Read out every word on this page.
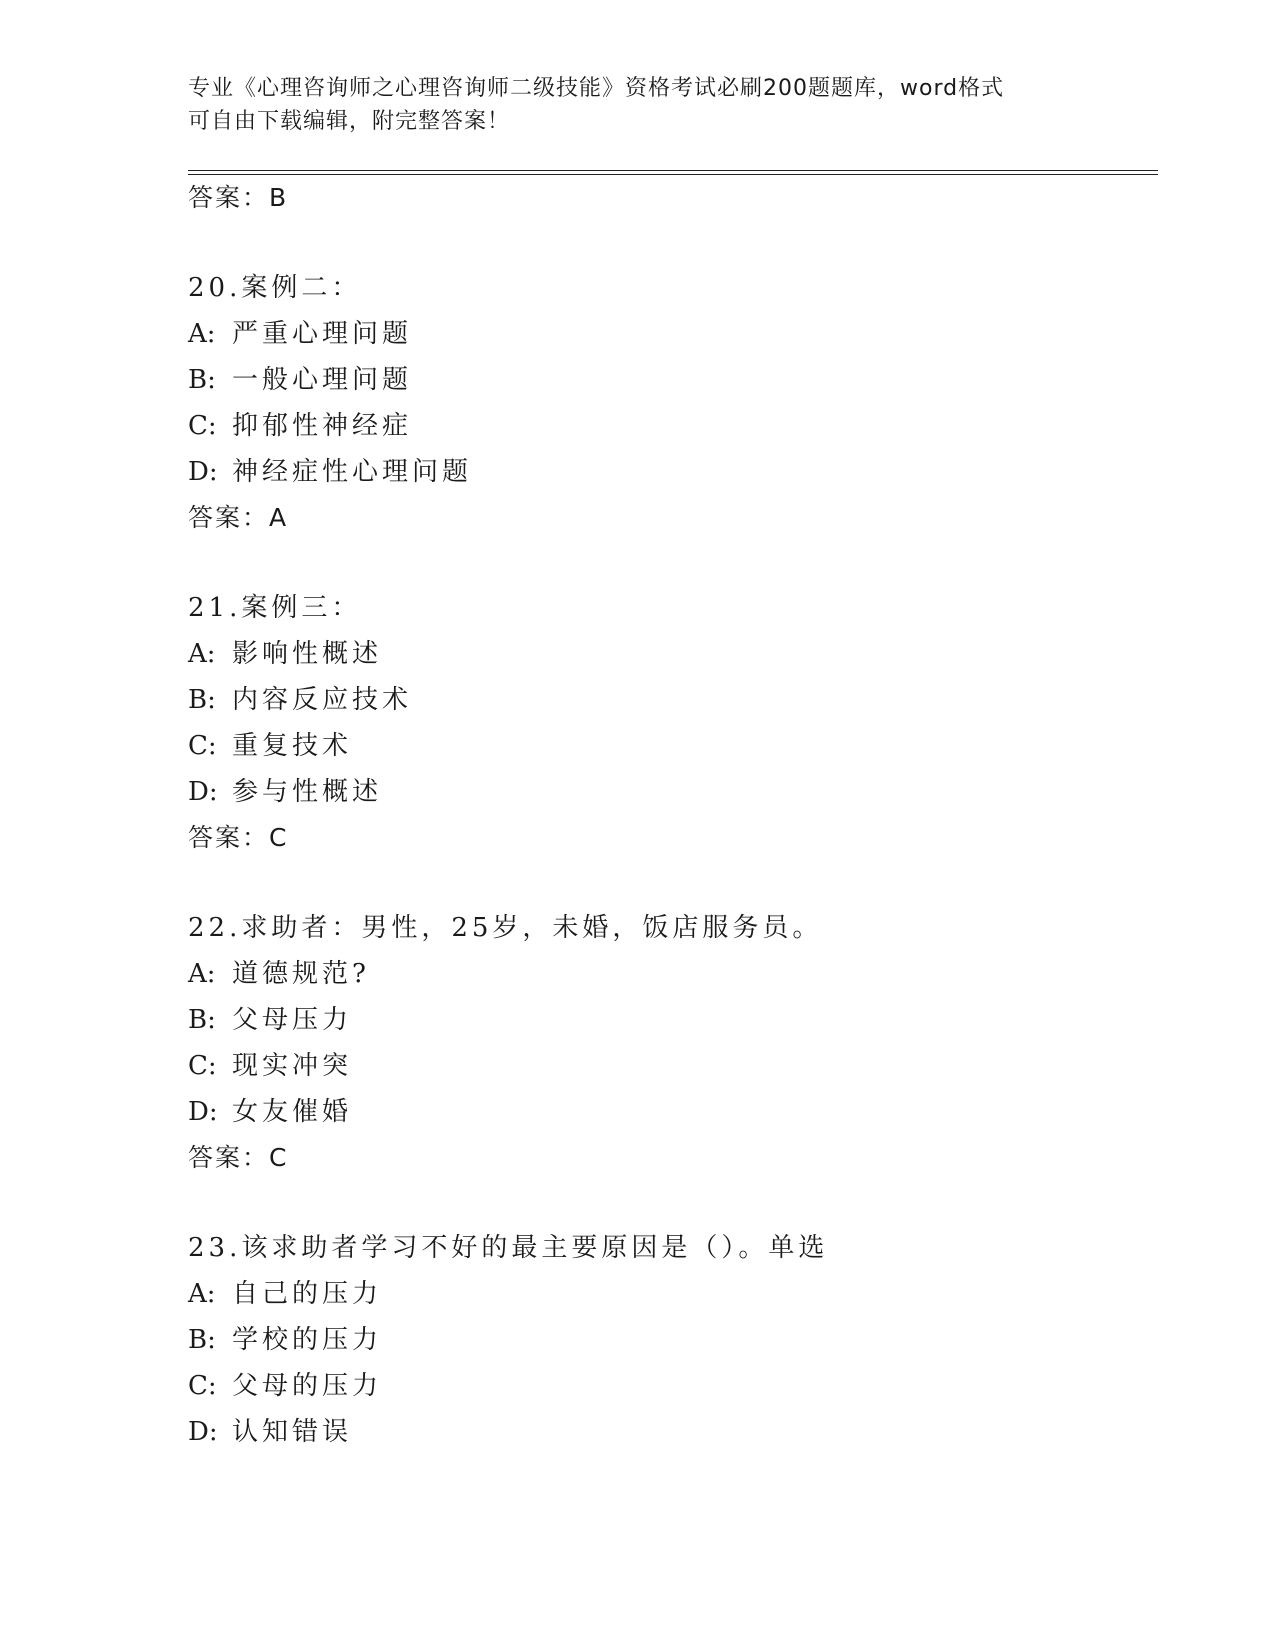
专业《心理咨询师之心理咨询师二级技能》资格考试必刷200题题库，word格式
可自由下载编辑，附完整答案！

答案：B

20.案例二：

A: 严重心理问题

B: 一般心理问题

C: 抑郁性神经症

D: 神经症性心理问题

答案：A

21.案例三：

A: 影响性概述

B: 内容反应技术

C: 重复技术

D: 参与性概述

答案：C

22.求助者：男性，25岁，未婚，饭店服务员。

A: 道德规范?

B: 父母压力

C: 现实冲突

D: 女友催婚

答案：C

23.该求助者学习不好的最主要原因是（）。单选

A: 自己的压力

B: 学校的压力

C: 父母的压力

D: 认知错误
